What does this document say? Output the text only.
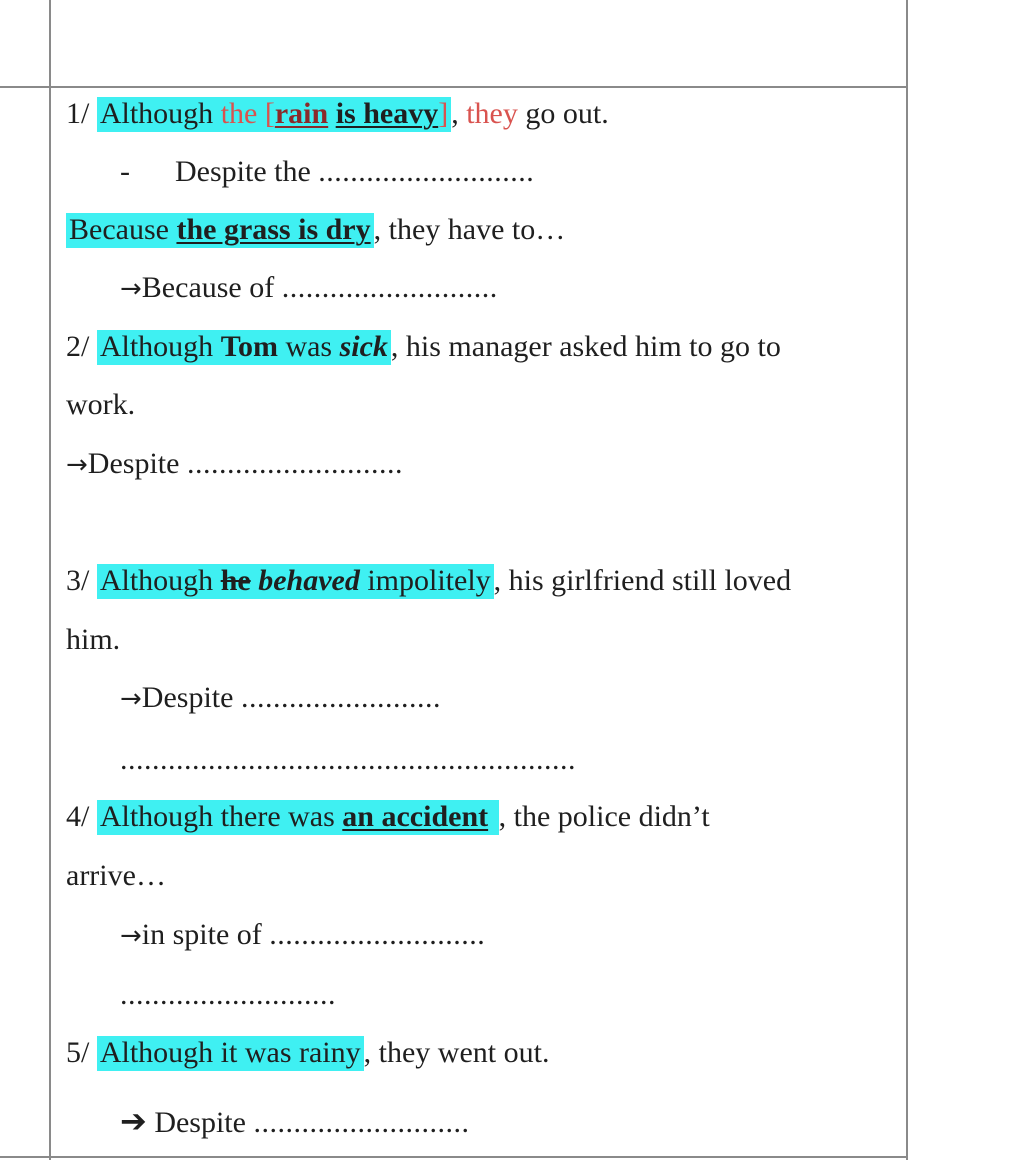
1/ Although the [rain is heavy] , they go out.
- Despite the ...........................
Because the grass is dry , they have to…
→Because of ...........................
2/ Although Tom was sick , his manager asked him to go to
work.
→Despite ...........................
3/ Although he behaved impolitely , his girlfriend still loved
him.
→Despite .........................
.........................................................
4/ Although there was an accident , the police didn’t
arrive…
→in spite of ...........................
...........................
5/ Although it was rainy , they went out.
➔ Despite ...........................
